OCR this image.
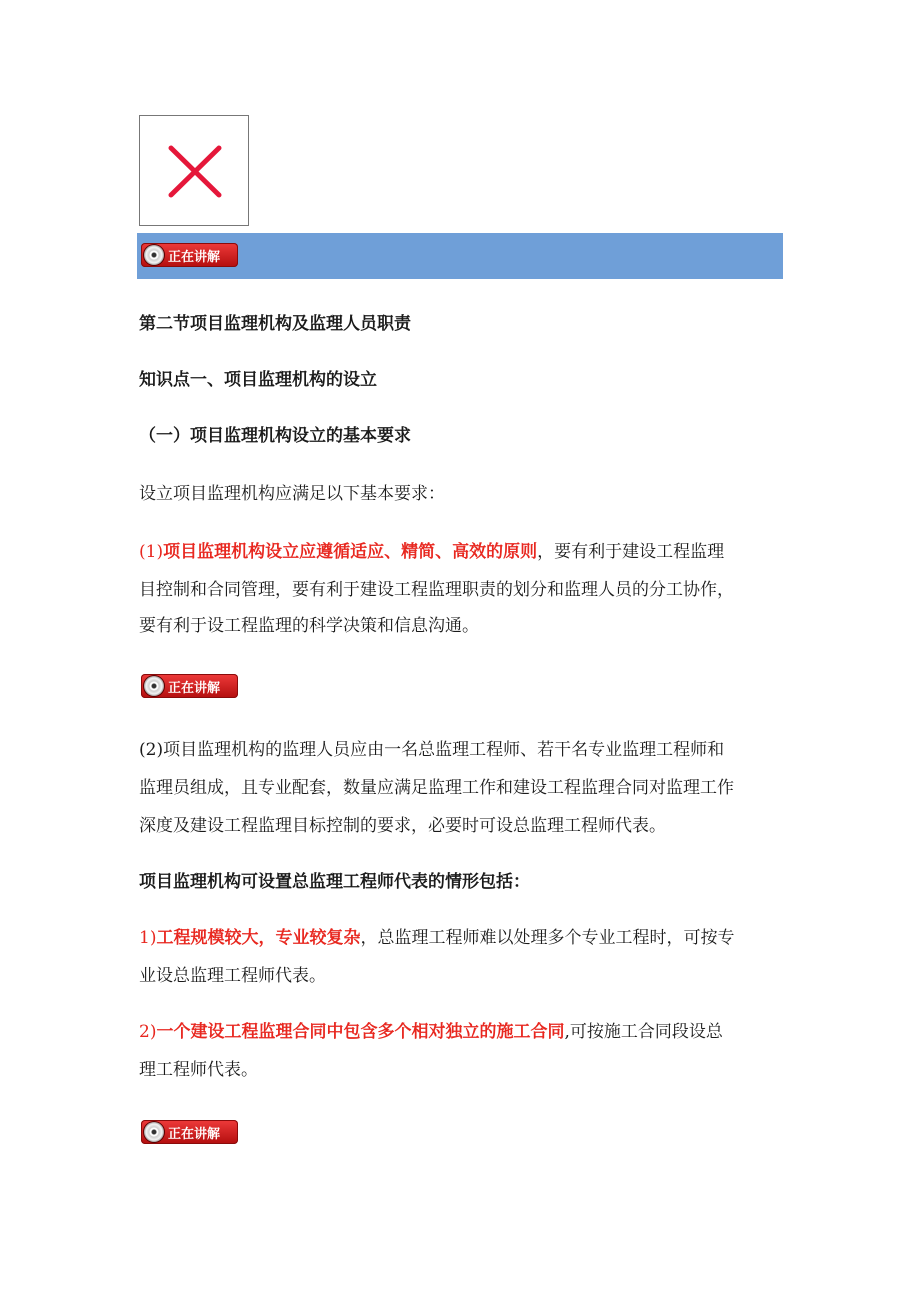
正在讲解
第二节项目监理机构及监理人员职责
知识点一、项目监理机构的设立
（一）项目监理机构设立的基本要求
设立项目监理机构应满足以下基本要求：
(1)项目监理机构设立应遵循适应、精简、高效的原则，要有利于建设工程监理
目控制和合同管理，要有利于建设工程监理职责的划分和监理人员的分工协作，
要有利于设工程监理的科学决策和信息沟通。
正在讲解
(2)项目监理机构的监理人员应由一名总监理工程师、若干名专业监理工程师和
监理员组成，且专业配套，数量应满足监理工作和建设工程监理合同对监理工作
深度及建设工程监理目标控制的要求，必要时可设总监理工程师代表。
项目监理机构可设置总监理工程师代表的情形包括：
1)工程规模较大，专业较复杂，总监理工程师难以处理多个专业工程时，可按专
业设总监理工程师代表。
2)一个建设工程监理合同中包含多个相对独立的施工合同,可按施工合同段设总
理工程师代表。
正在讲解
